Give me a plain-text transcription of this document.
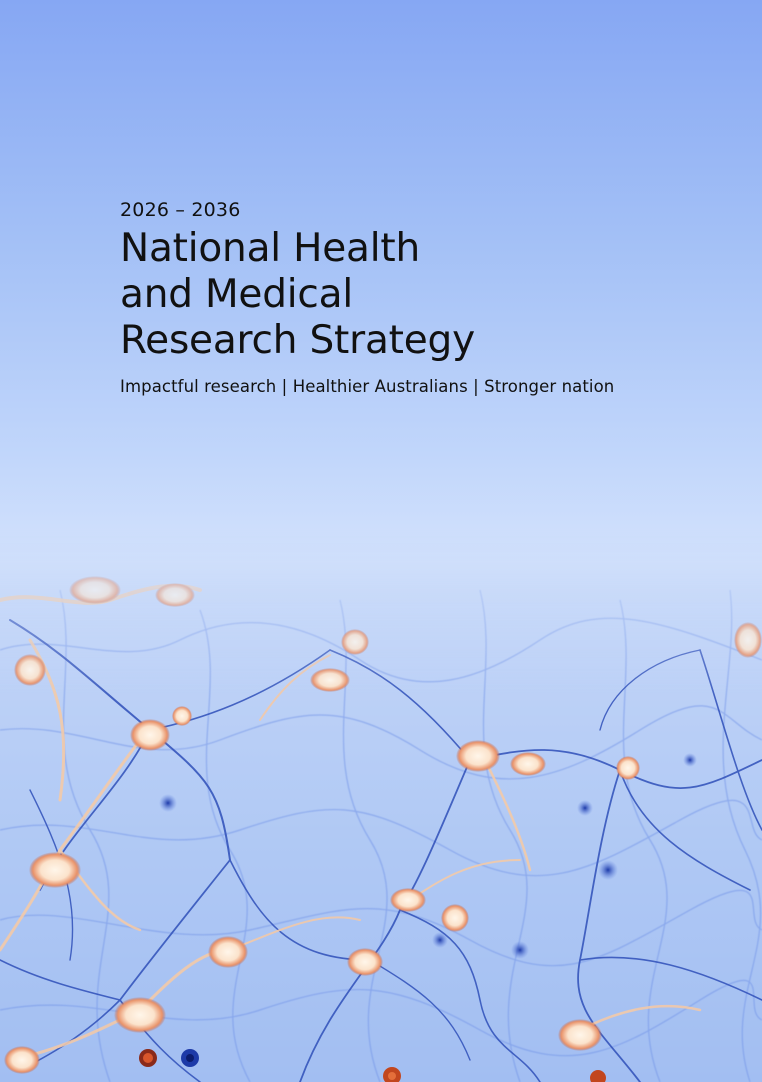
2026 – 2036
National Health
and Medical
Research Strategy
Impactful research | Healthier Australians | Stronger nation
